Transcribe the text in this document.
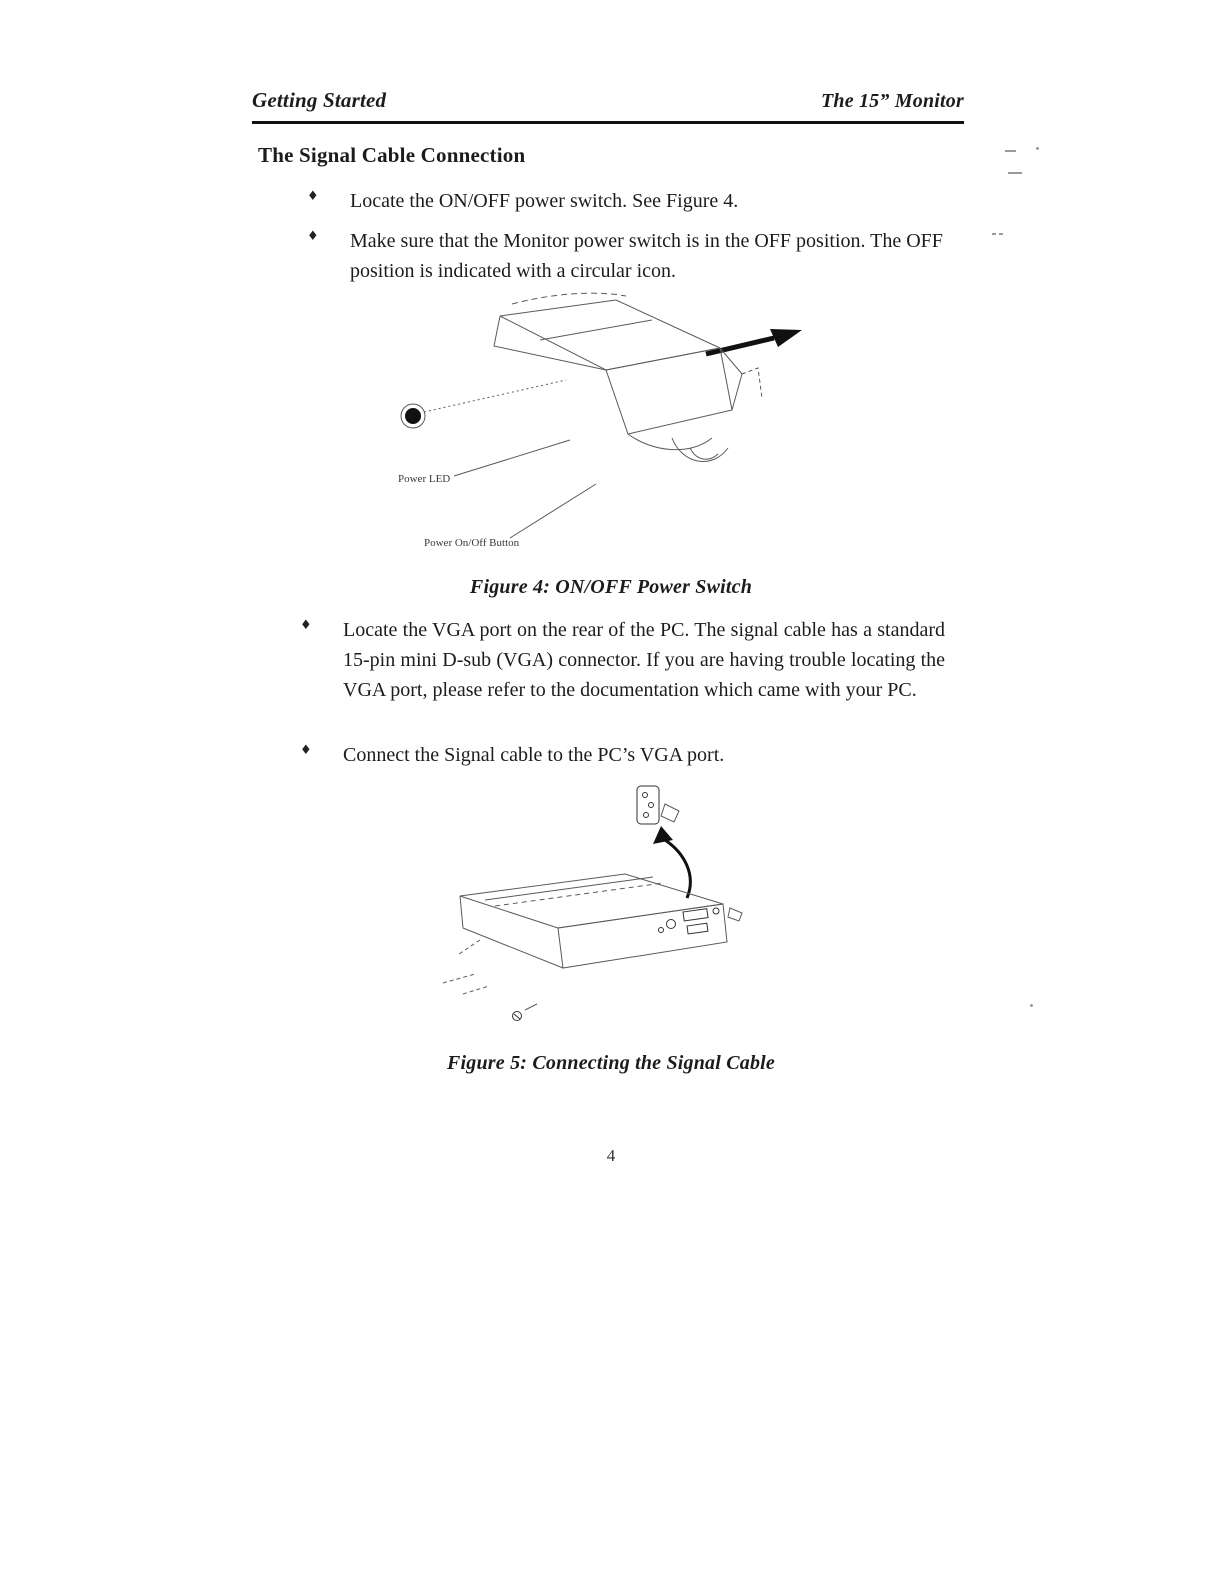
Getting Started	The 15” Monitor
The Signal Cable Connection
♦ Locate the ON/OFF power switch. See Figure 4.

♦ Make sure that the Monitor power switch is in the OFF position. The OFF position is indicated with a circular icon.

Power LED
Power On/Off Button
Figure 4: ON/OFF Power Switch
♦ Locate the VGA port on the rear of the PC. The signal cable has a standard 15-pin mini D-sub (VGA) connector. If you are having trouble locating the VGA port, please refer to the documentation which came with your PC.

♦ Connect the Signal cable to the PC’s VGA port.

Figure 5: Connecting the Signal Cable
4
